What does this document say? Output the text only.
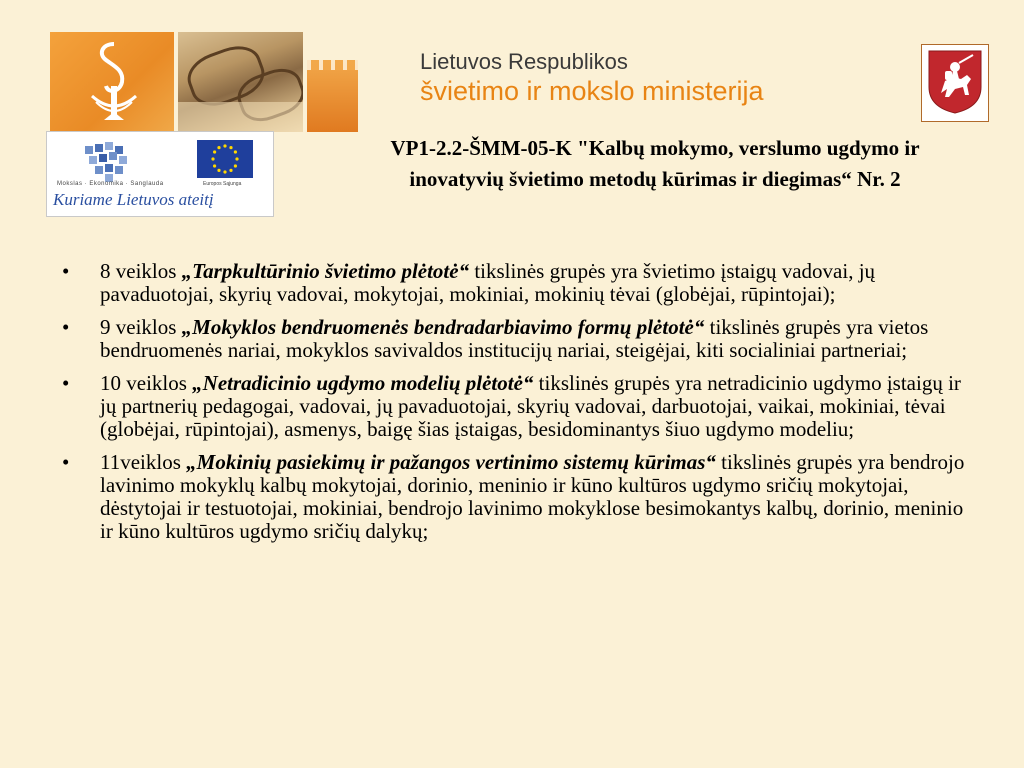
Lietuvos Respublikos
švietimo ir mokslo ministerija
Mokslas · Ekonomika · Sanglauda	Europos Sąjunga
Kuriame Lietuvos ateitį
VP1-2.2-ŠMM-05-K "Kalbų mokymo, verslumo ugdymo ir inovatyvių švietimo metodų kūrimas ir diegimas“ Nr. 2
• 8 veiklos „Tarpkultūrinio švietimo plėtotė“ tikslinės grupės yra švietimo įstaigų vadovai, jų pavaduotojai, skyrių vadovai, mokytojai, mokiniai, mokinių tėvai (globėjai, rūpintojai);
• 9 veiklos „Mokyklos bendruomenės bendradarbiavimo formų plėtotė“ tikslinės grupės yra vietos bendruomenės nariai, mokyklos savivaldos institucijų nariai, steigėjai, kiti socialiniai partneriai;
• 10 veiklos „Netradicinio ugdymo modelių plėtotė“ tikslinės grupės yra netradicinio ugdymo įstaigų ir jų partnerių pedagogai, vadovai, jų pavaduotojai, skyrių vadovai, darbuotojai, vaikai, mokiniai, tėvai (globėjai, rūpintojai), asmenys, baigę šias įstaigas, besidominantys šiuo ugdymo modeliu;
• 11veiklos „Mokinių pasiekimų ir pažangos vertinimo sistemų kūrimas“ tikslinės grupės yra bendrojo lavinimo mokyklų kalbų mokytojai, dorinio, meninio ir kūno kultūros ugdymo sričių mokytojai, dėstytojai ir testuotojai, mokiniai, bendrojo lavinimo mokyklose besimokantys kalbų, dorinio, meninio ir kūno kultūros ugdymo sričių dalykų;
